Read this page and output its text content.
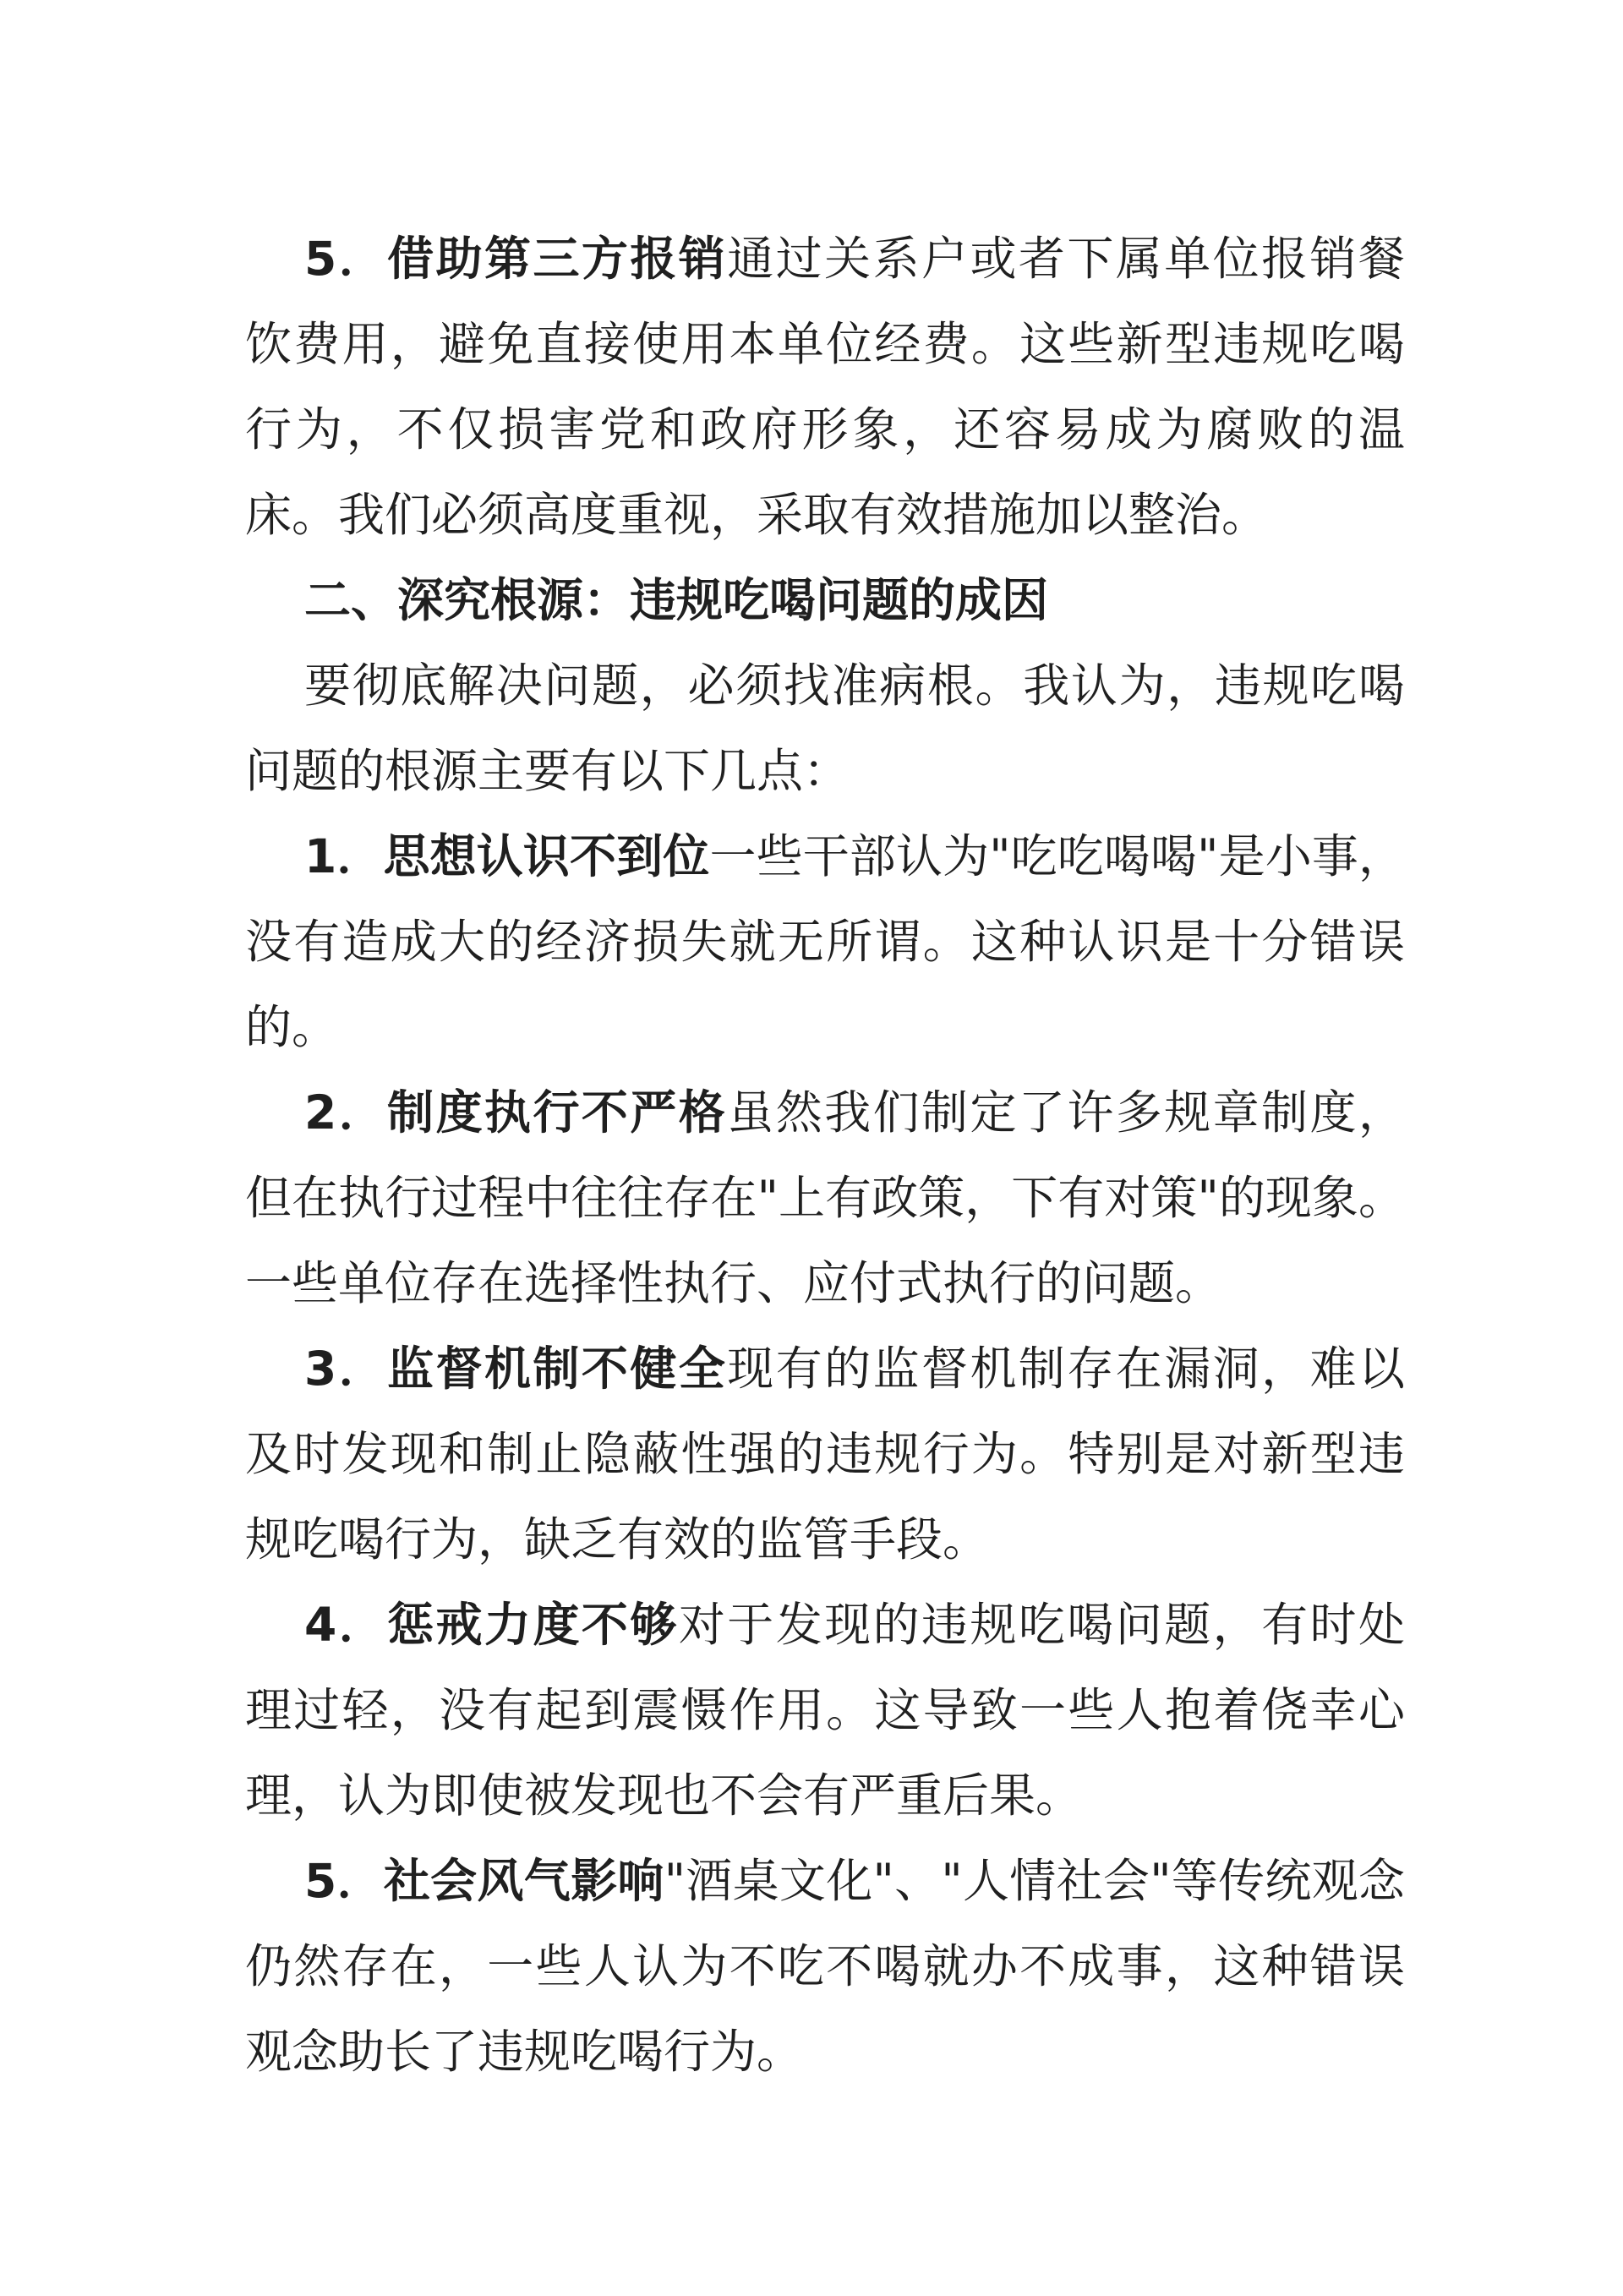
5．借助第三方报销通过关系户或者下属单位报销餐饮费用，避免直接使用本单位经费。这些新型违规吃喝行为，不仅损害党和政府形象，还容易成为腐败的温床。我们必须高度重视，采取有效措施加以整治。

二、深究根源：违规吃喝问题的成因

要彻底解决问题，必须找准病根。我认为，违规吃喝问题的根源主要有以下几点：

1．思想认识不到位一些干部认为"吃吃喝喝"是小事，没有造成大的经济损失就无所谓。这种认识是十分错误的。

2．制度执行不严格虽然我们制定了许多规章制度，但在执行过程中往往存在"上有政策，下有对策"的现象。一些单位存在选择性执行、应付式执行的问题。

3．监督机制不健全现有的监督机制存在漏洞，难以及时发现和制止隐蔽性强的违规行为。特别是对新型违规吃喝行为，缺乏有效的监管手段。

4．惩戒力度不够对于发现的违规吃喝问题，有时处理过轻，没有起到震慑作用。这导致一些人抱着侥幸心理，认为即使被发现也不会有严重后果。

5．社会风气影响"酒桌文化"、"人情社会"等传统观念仍然存在，一些人认为不吃不喝就办不成事，这种错误观念助长了违规吃喝行为。
